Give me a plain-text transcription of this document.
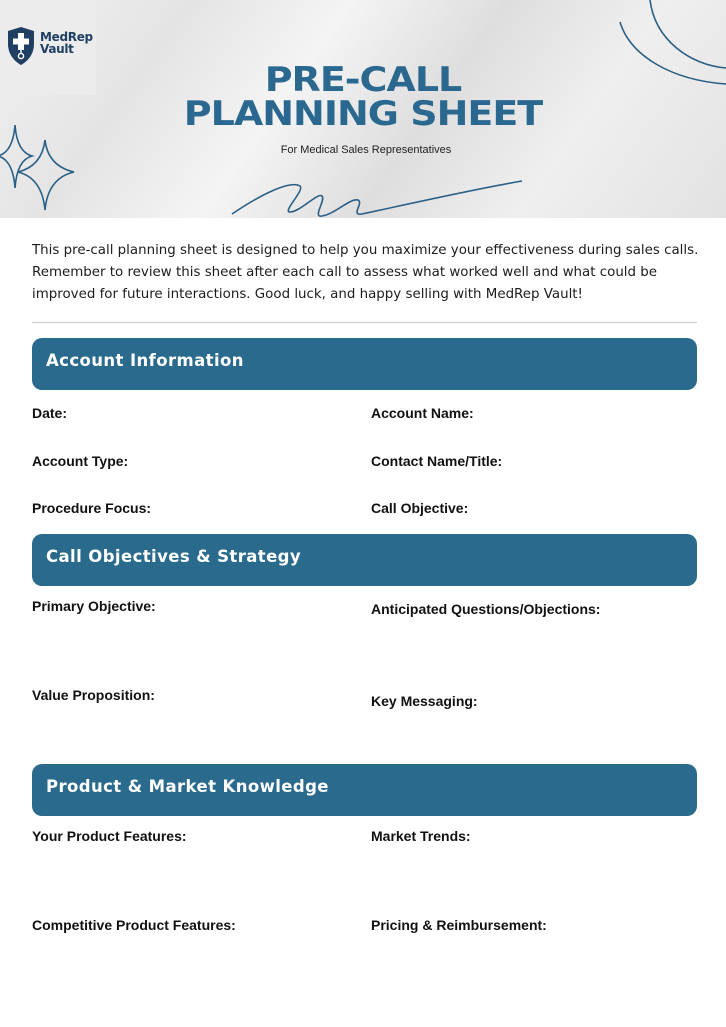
MedRep
Vault
PRE-CALL
PLANNING SHEET
For Medical Sales Representatives
This pre-call planning sheet is designed to help you maximize your effectiveness during sales calls. Remember to review this sheet after each call to assess what worked well and what could be improved for future interactions. Good luck, and happy selling with MedRep Vault!
Account Information
Date:	Account Name:
Account Type:	Contact Name/Title:
Procedure Focus:	Call Objective:
Call Objectives & Strategy
Primary Objective:	Anticipated Questions/Objections:
Value Proposition:	Key Messaging:
Product & Market Knowledge
Your Product Features:	Market Trends:
Competitive Product Features:	Pricing & Reimbursement:
